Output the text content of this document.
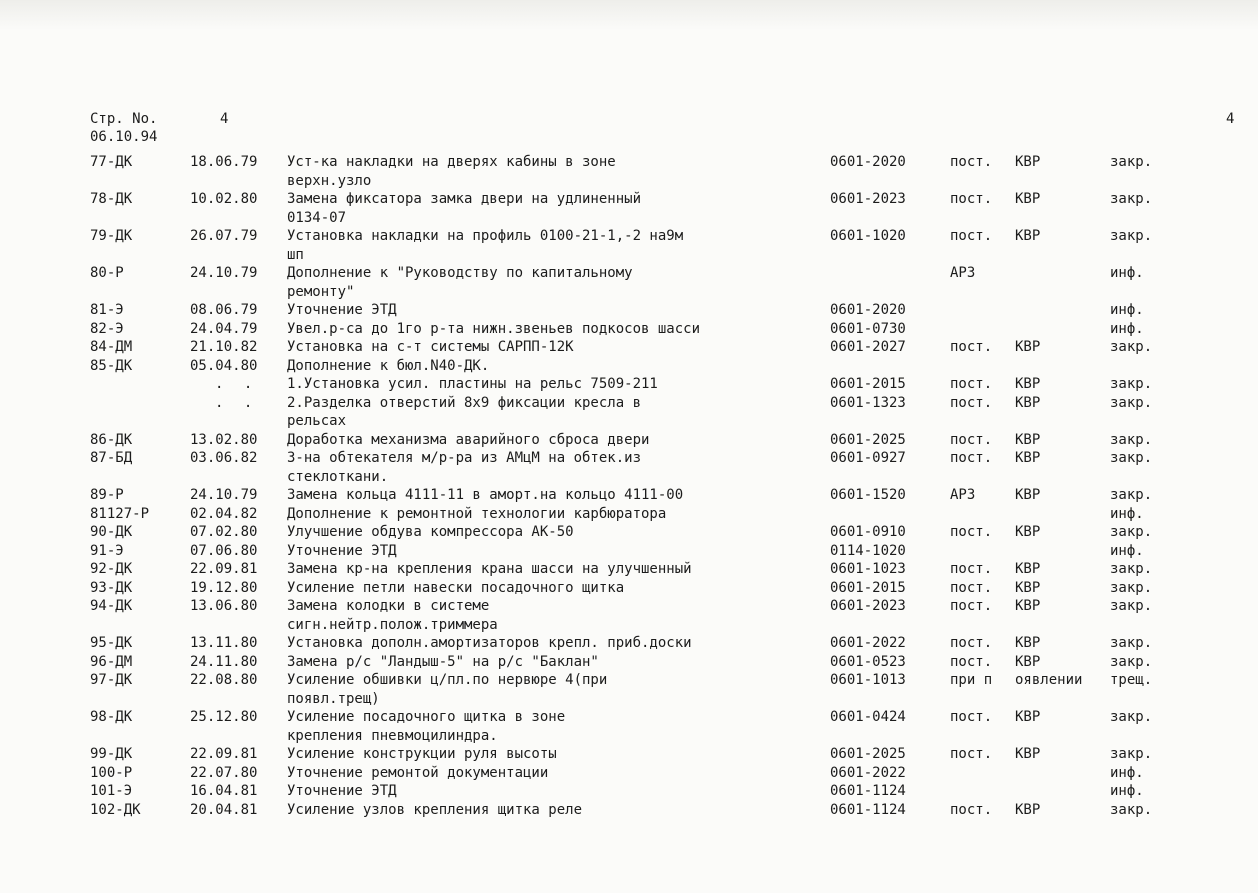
Стр. No.	4
06.10.94
4
77-ДК	18.06.79 Уст-ка накладки на дверях кабины в зоне	0601-2020	пост. КВР	закр.
верхн.узло
78-ДК	10.02.80 Замена фиксатора замка двери на удлиненный	0601-2023	пост. КВР	закр.
0134-07
79-ДК	26.07.79 Установка накладки на профиль 0100-21-1,-2 на9м	0601-1020	пост. КВР	закр.
шп
80-Р	24.10.79 Дополнение к "Руководству по капитальному	АРЗ	инф.
ремонту"
81-Э	08.06.79 Уточнение ЭТД	0601-2020	инф.
82-Э	24.04.79 Увел.р-са до 1го р-та нижн.звеньев подкосов шасси	0601-0730	инф.
84-ДМ	21.10.82 Установка на с-т системы САРПП-12К	0601-2027	пост. КВР	закр.
85-ДК	05.04.80 Дополнение к бюл.N40-ДК.
. . 1.Установка усил. пластины на рельс 7509-211	0601-2015	пост. КВР	закр.
. . 2.Разделка отверстий 8х9 фиксации кресла в	0601-1323	пост. КВР	закр.
рельсах
86-ДК	13.02.80 Доработка механизма аварийного сброса двери	0601-2025	пост. КВР	закр.
87-БД	03.06.82 3-на обтекателя м/р-ра из АМцМ на обтек.из	0601-0927	пост. КВР	закр.
стеклоткани.
89-Р	24.10.79 Замена кольца 4111-11 в аморт.на кольцо 4111-00	0601-1520	АРЗ	КВР	закр.
81127-Р	02.04.82 Дополнение к ремонтной технологии карбюратора	инф.
90-ДК	07.02.80 Улучшение обдува компрессора АК-50	0601-0910	пост. КВР	закр.
91-Э	07.06.80 Уточнение ЭТД	0114-1020	инф.
92-ДК	22.09.81 Замена кр-на крепления крана шасси на улучшенный	0601-1023	пост. КВР	закр.
93-ДК	19.12.80 Усиление петли навески посадочного щитка	0601-2015	пост. КВР	закр.
94-ДК	13.06.80 Замена колодки в системе	0601-2023	пост. КВР	закр.
сигн.нейтр.полож.триммера
95-ДК	13.11.80 Установка дополн.амортизаторов крепл. приб.доски	0601-2022	пост. КВР	закр.
96-ДМ	24.11.80 Замена р/с "Ландыш-5" на р/с "Баклан"	0601-0523	пост. КВР	закр.
97-ДК	22.08.80 Усиление обшивки ц/пл.по нервюре 4(при	0601-1013	при п оявлении трещ.
появл.трещ)
98-ДК	25.12.80 Усиление посадочного щитка в зоне	0601-0424	пост. КВР	закр.
крепления пневмоцилиндра.
99-ДК	22.09.81 Усиление конструкции руля высоты	0601-2025	пост. КВР	закр.
100-Р	22.07.80 Уточнение ремонтой документации	0601-2022	инф.
101-Э	16.04.81 Уточнение ЭТД	0601-1124	инф.
102-ДК	20.04.81 Усиление узлов крепления щитка реле	0601-1124	пост. КВР	закр.
